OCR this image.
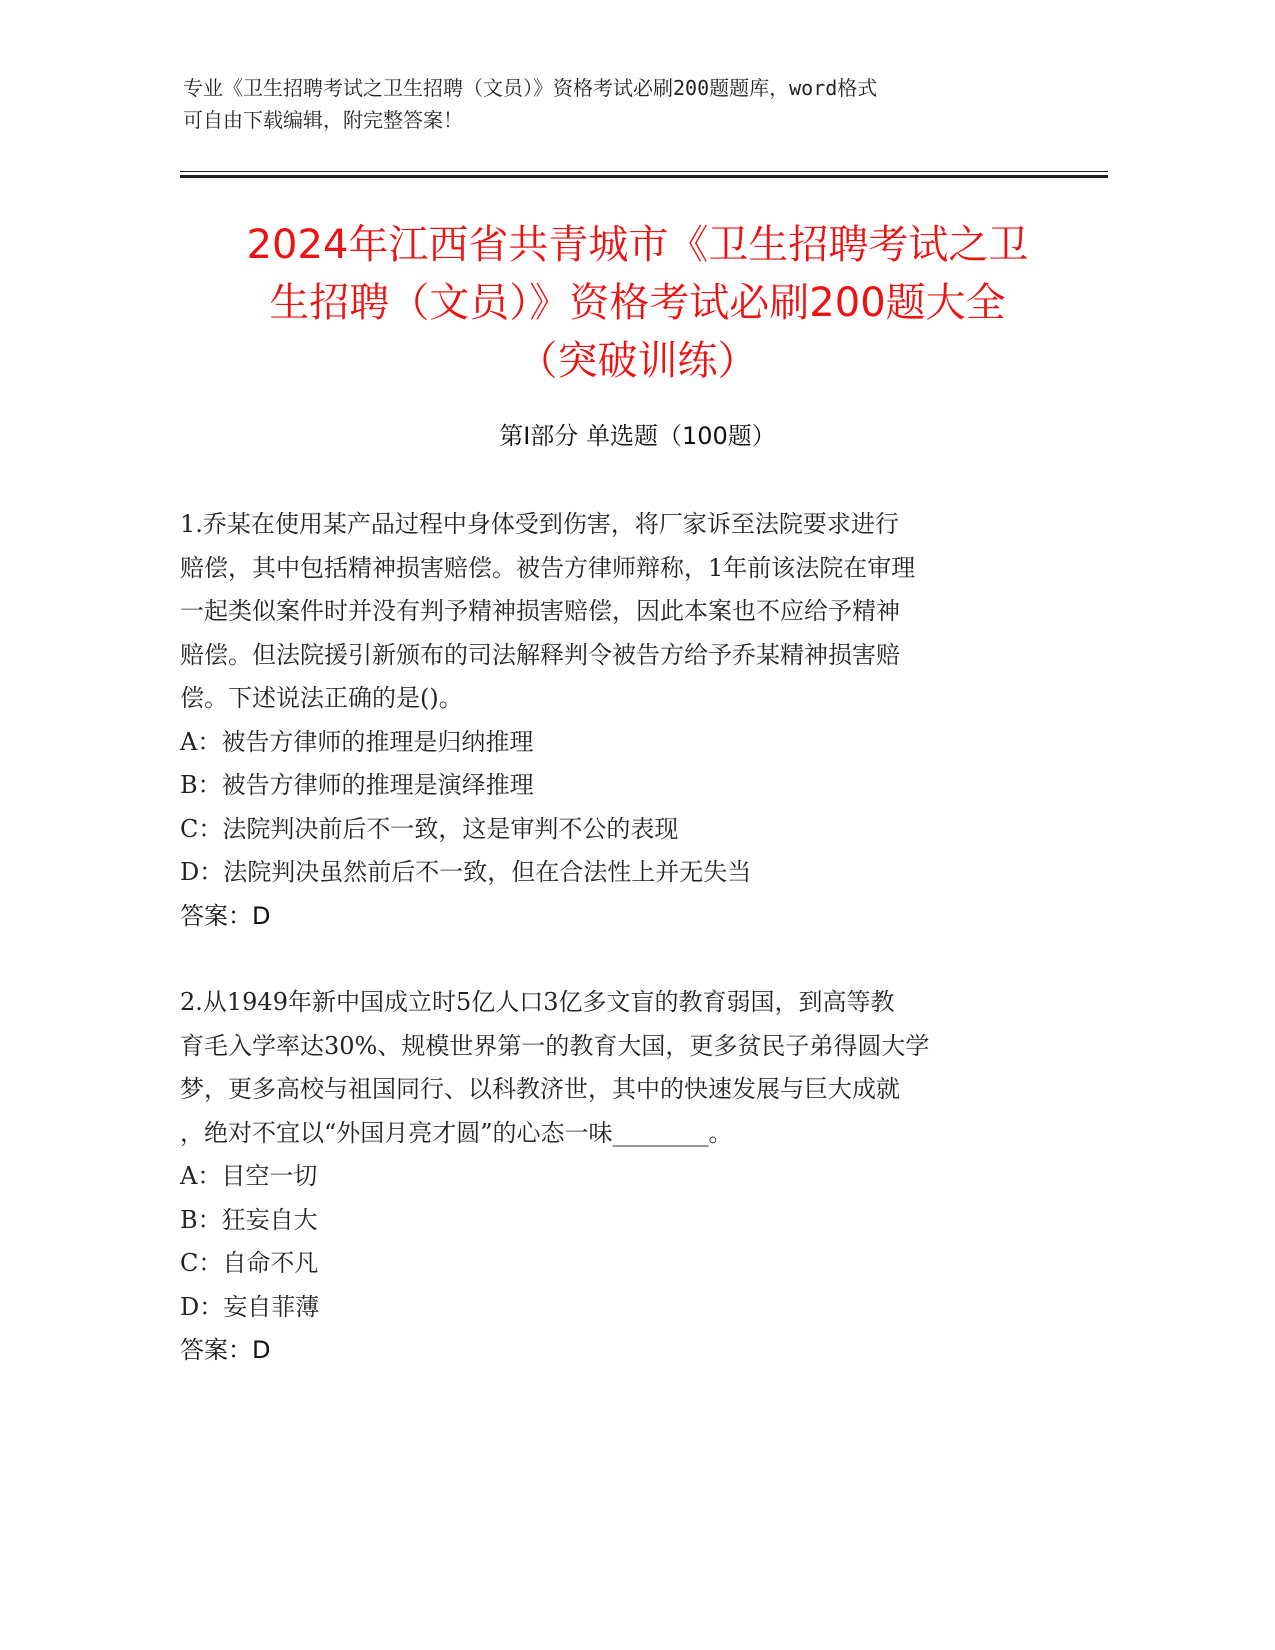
专业《卫生招聘考试之卫生招聘（文员）》资格考试必刷200题题库，word格式
可自由下载编辑，附完整答案！
2024年江西省共青城市《卫生招聘考试之卫
生招聘（文员）》资格考试必刷200题大全
（突破训练）
第Ⅰ部分 单选题（100题）
1.乔某在使用某产品过程中身体受到伤害，将厂家诉至法院要求进行
赔偿，其中包括精神损害赔偿。被告方律师辩称，1年前该法院在审理
一起类似案件时并没有判予精神损害赔偿，因此本案也不应给予精神
赔偿。但法院援引新颁布的司法解释判令被告方给予乔某精神损害赔
偿。下述说法正确的是()。
A：被告方律师的推理是归纳推理
B：被告方律师的推理是演绎推理
C：法院判决前后不一致，这是审判不公的表现
D：法院判决虽然前后不一致，但在合法性上并无失当
答案：D
2.从1949年新中国成立时5亿人口3亿多文盲的教育弱国，到高等教
育毛入学率达30%、规模世界第一的教育大国，更多贫民子弟得圆大学
梦，更多高校与祖国同行、以科教济世，其中的快速发展与巨大成就
，绝对不宜以“外国月亮才圆”的心态一味________。
A：目空一切
B：狂妄自大
C：自命不凡
D：妄自菲薄
答案：D
